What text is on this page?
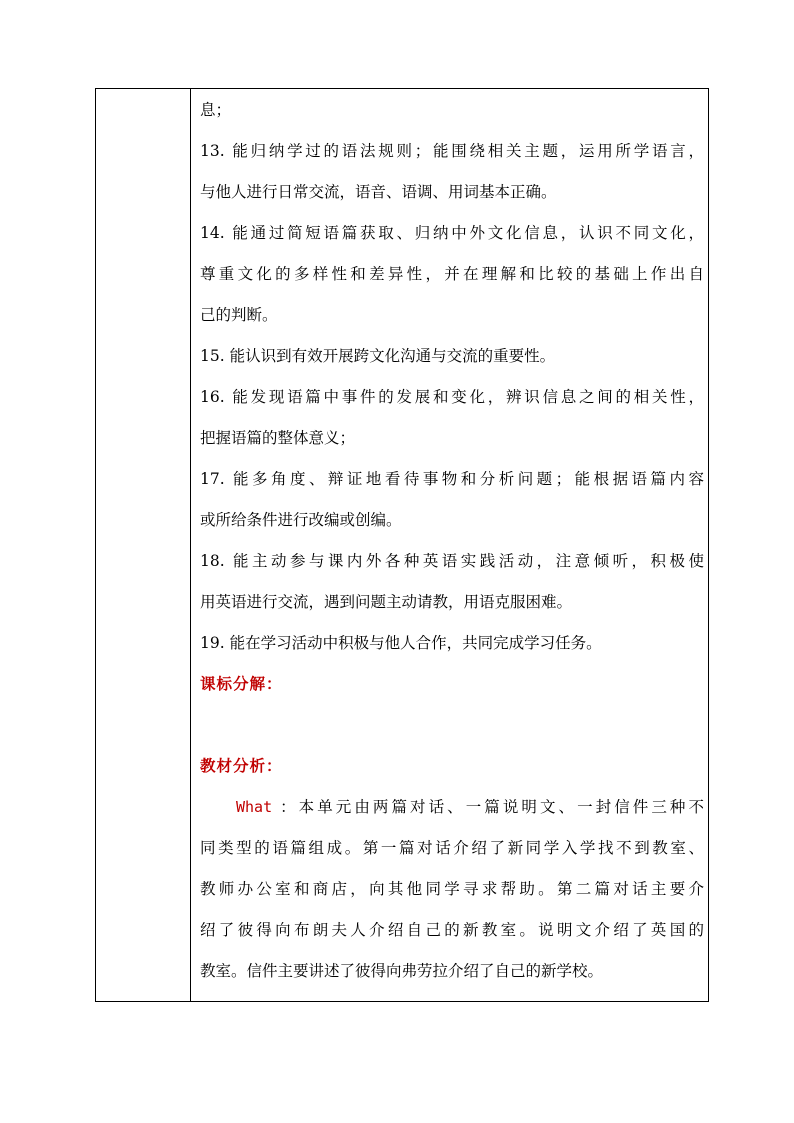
息；
13. 能归纳学过的语法规则；能围绕相关主题，运用所学语言，
与他人进行日常交流，语音、语调、用词基本正确。
14. 能通过简短语篇获取、归纳中外文化信息，认识不同文化，
尊重文化的多样性和差异性，并在理解和比较的基础上作出自
己的判断。
15. 能认识到有效开展跨文化沟通与交流的重要性。
16. 能发现语篇中事件的发展和变化，辨识信息之间的相关性，
把握语篇的整体意义；
17. 能多角度、辩证地看待事物和分析问题；能根据语篇内容
或所给条件进行改编或创编。
18. 能主动参与课内外各种英语实践活动，注意倾听，积极使
用英语进行交流，遇到问题主动请教，用语克服困难。
19. 能在学习活动中积极与他人合作，共同完成学习任务。
课标分解：
教材分析：
What ：本单元由两篇对话、一篇说明文、一封信件三种不
同类型的语篇组成。第一篇对话介绍了新同学入学找不到教室、
教师办公室和商店，向其他同学寻求帮助。第二篇对话主要介
绍了彼得向布朗夫人介绍自己的新教室。说明文介绍了英国的
教室。信件主要讲述了彼得向弗劳拉介绍了自己的新学校。
